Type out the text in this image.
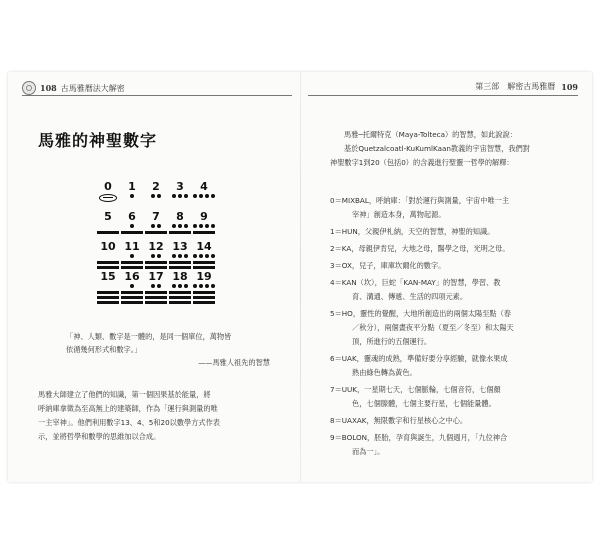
108 古馬雅曆法大解密	第三部　解密古馬雅曆 109
馬雅的神聖數字
0	1	2	3	4
5	6	7	8	9
10 11 12 13 14
15 16 17 18 19
「神、人類、數字是一體的，是同一個單位，萬物皆
依循幾何形式和數字。」
——馬雅人祖先的智慧
馬雅大師建立了他們的知識，第一個因果基於能量，將
呼納庫拿徵為至高無上的建築師，作為「運行與測量的唯
一主宰神」。他們利用數字13、4、5和20以數學方式作表
示，並將哲學和數學的思維加以合成。

馬雅─托爾特克（Maya-Tolteca）的智慧，如此說說：

基於Quetzalcoatl-KuKumlKaan教義的宇宙智慧，我們對

神聖數字1到20（包括0）的含義進行聖靈一哲學的解釋：

0＝MIXBAL，呼納庫：「對於運行與測量，宇宙中唯一主
宰神」創造本身，萬物起源。
1＝HUN，父親伊札納，天空的智慧，神聖的知識。
2＝KA，母親伊肯兒，大地之母，醫學之母，光明之母。
3＝OX，兒子，庫庫坎爾化的數字。
4＝KAN（坎），巨蛇「KAN-MAY」的智慧，學習、教
育、溝通、傳遞、生活的四項元素。
5＝HO，靈性的覺醒，大地所創造出的兩個太陽至點（春
／秋分），兩個晝夜平分點（夏至／冬至）和太陽天
頂，所進行的五個運行。
6＝UAK，靈魂的成熟，準備好要分享經驗，就像水果成
熟由綠色轉為黃色。
7＝UUK，一星期七天，七個脈輪，七個音符，七個顏
色，七個腺體，七個主要行星，七個能量體。
8＝UAXAK，無限數字和行星核心之中心。
9＝BOLON，胚胎，孕育與誕生，九個週月，「九位神合
而為一」。
